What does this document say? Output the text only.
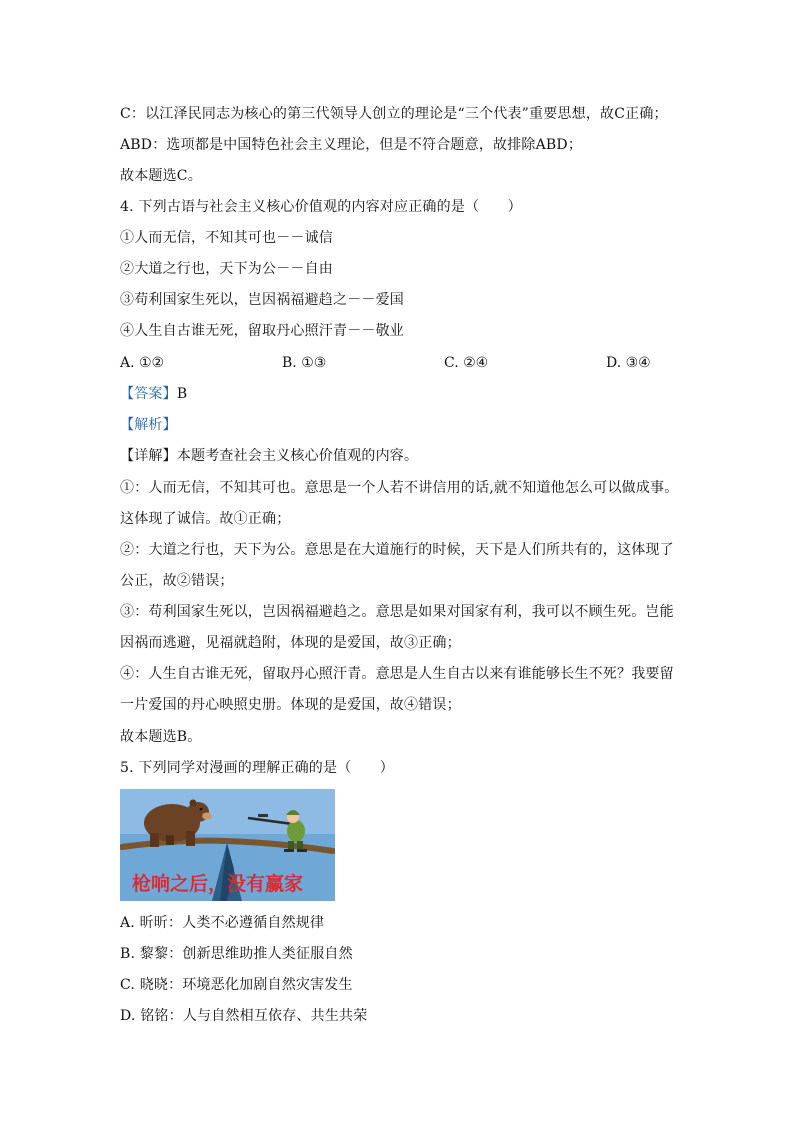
C：以江泽民同志为核心的第三代领导人创立的理论是“三个代表”重要思想，故C正确；
ABD：选项都是中国特色社会主义理论，但是不符合题意，故排除ABD；
故本题选C。
4. 下列古语与社会主义核心价值观的内容对应正确的是（　　）
①人而无信，不知其可也－－诚信
②大道之行也，天下为公－－自由
③苟利国家生死以，岂因祸福避趋之－－爱国
④人生自古谁无死，留取丹心照汗青－－敬业
A. ①②	B. ①③	C. ②④	D. ③④
【答案】B
【解析】
【详解】本题考查社会主义核心价值观的内容。
①：人而无信，不知其可也。意思是一个人若不讲信用的话,就不知道他怎么可以做成事。
这体现了诚信。故①正确；
②：大道之行也，天下为公。意思是在大道施行的时候，天下是人们所共有的，这体现了
公正，故②错误；
③：苟利国家生死以，岂因祸福避趋之。意思是如果对国家有利，我可以不顾生死。岂能
因祸而逃避，见福就趋附，体现的是爱国，故③正确；
④：人生自古谁无死，留取丹心照汗青。意思是人生自古以来有谁能够长生不死？我要留
一片爱国的丹心映照史册。体现的是爱国，故④错误；
故本题选B。
5. 下列同学对漫画的理解正确的是（　　）
枪响之后，没有赢家
A. 昕昕：人类不必遵循自然规律
B. 黎黎：创新思维助推人类征服自然
C. 晓晓：环境恶化加剧自然灾害发生
D. 铭铭：人与自然相互依存、共生共荣
